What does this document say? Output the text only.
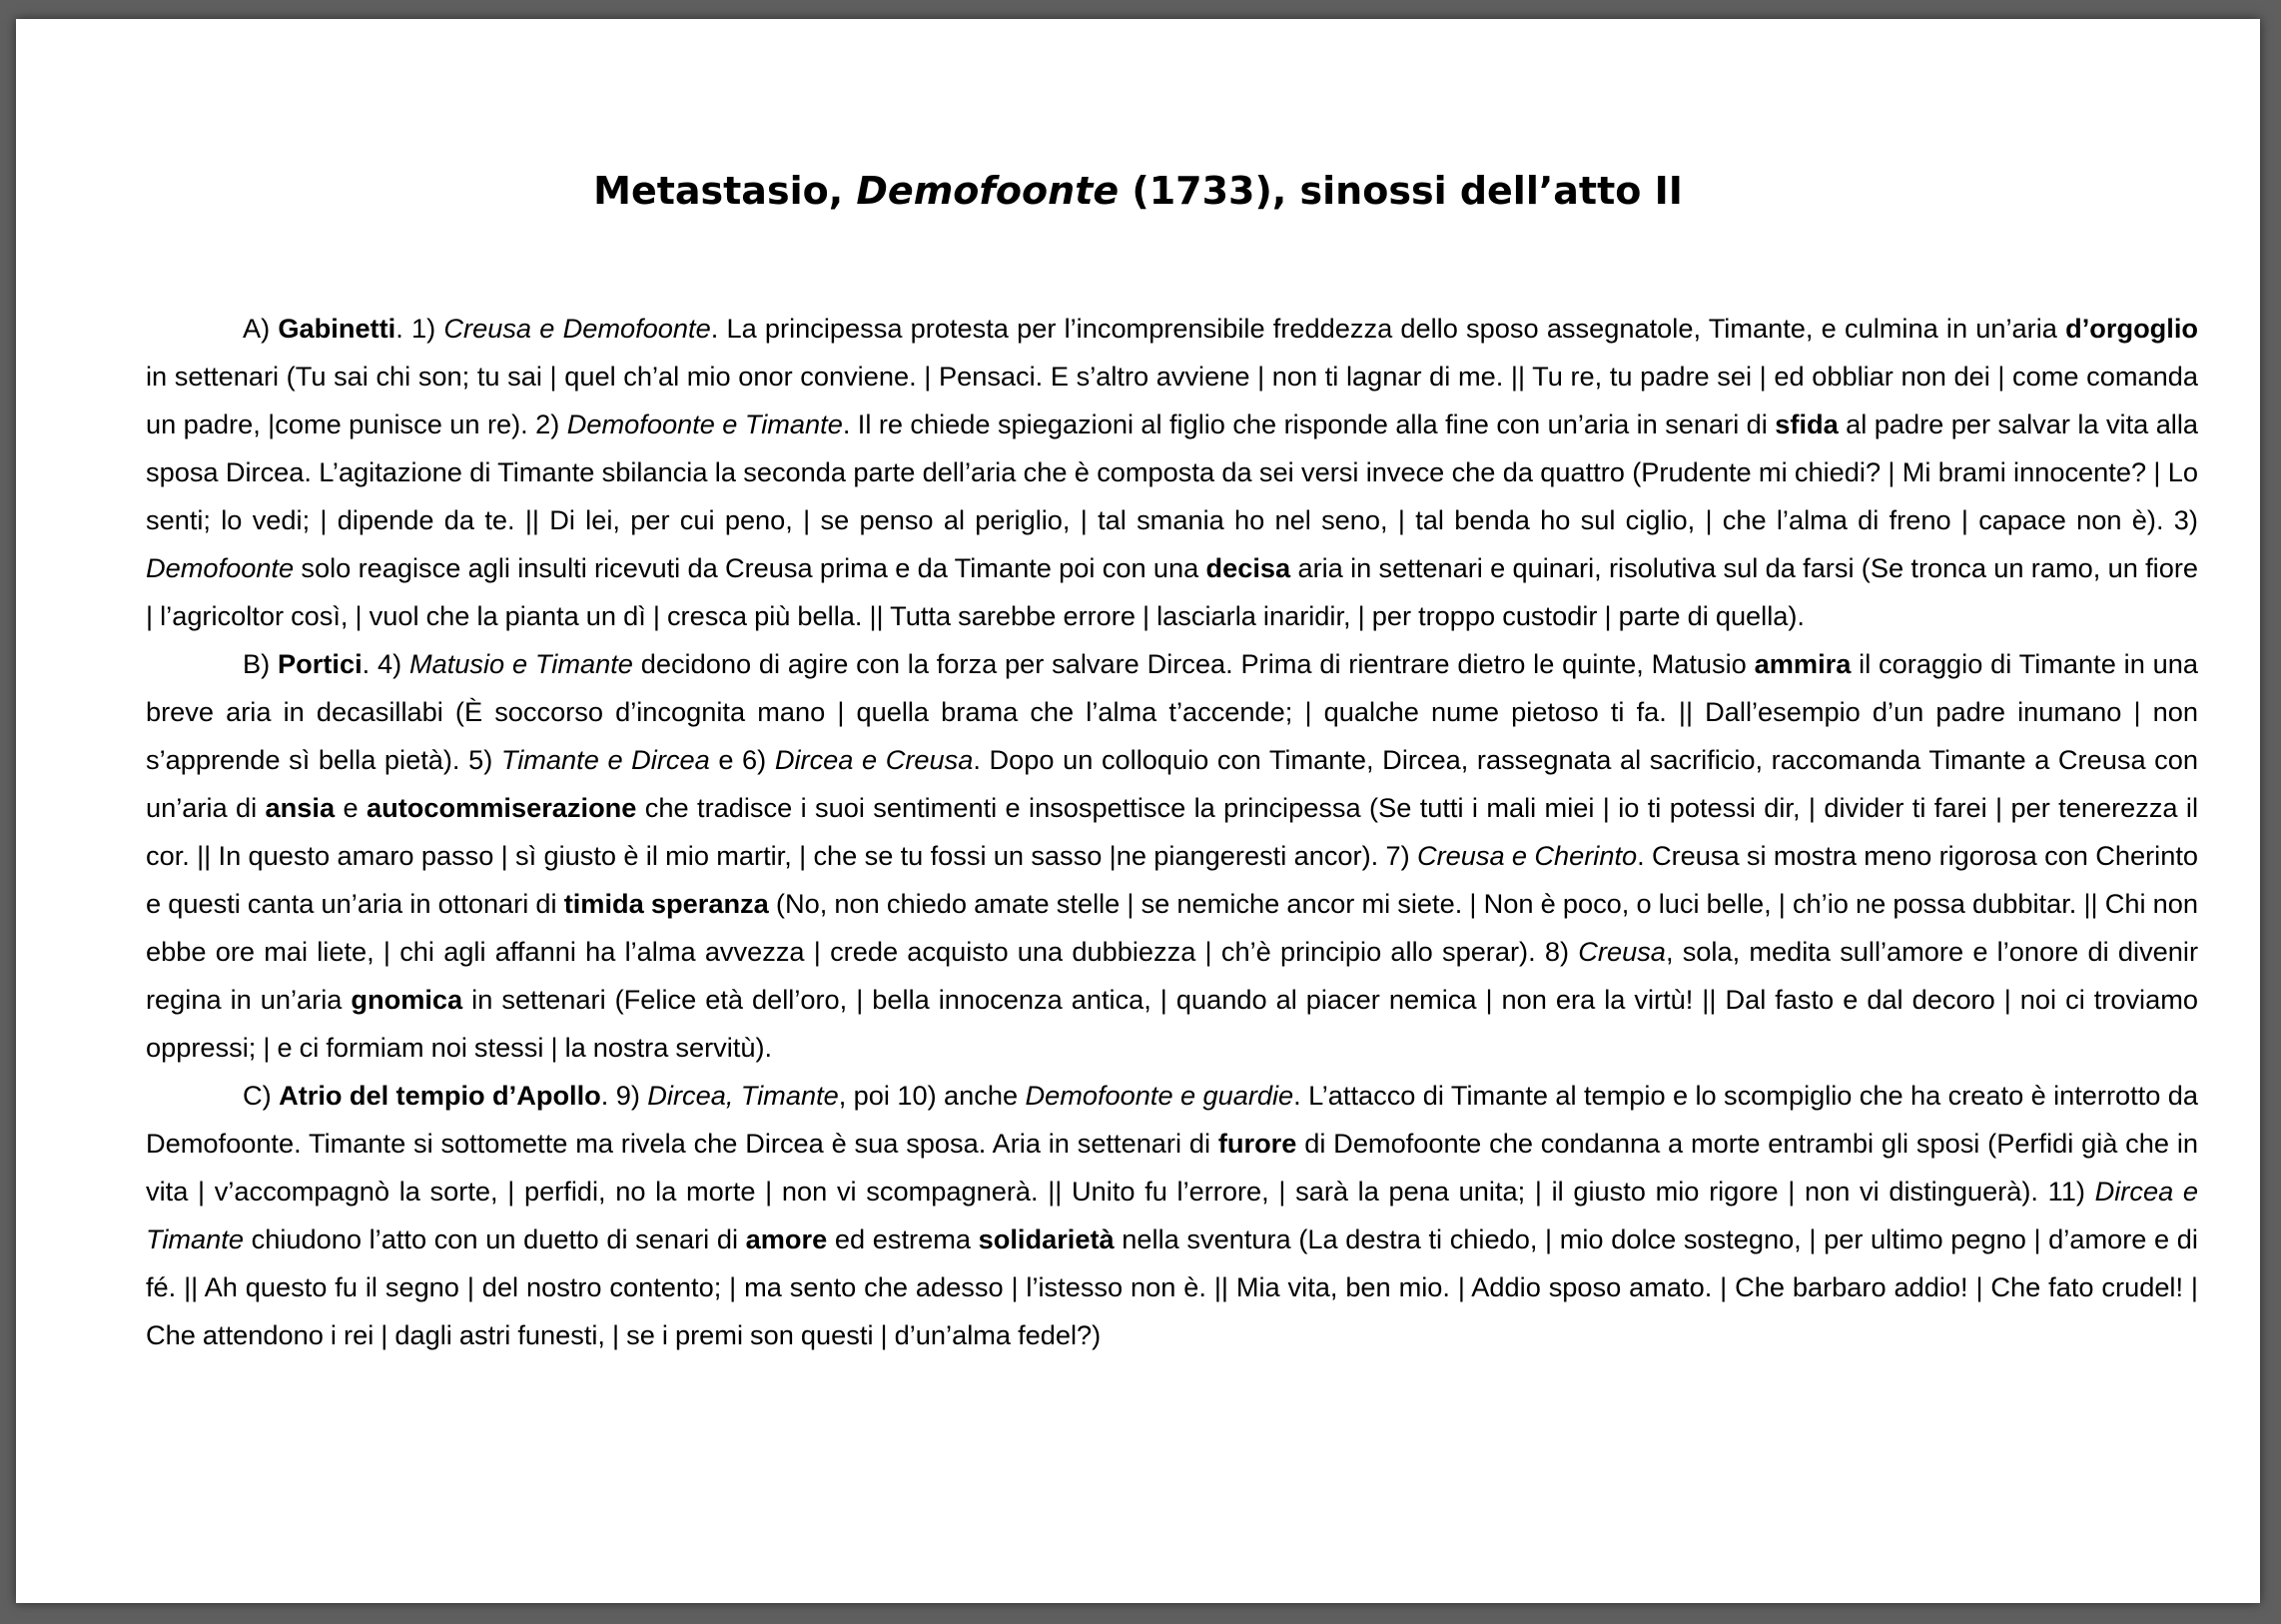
Metastasio, Demofoonte (1733), sinossi dell’atto II

A) Gabinetti. 1) Creusa e Demofoonte. La principessa protesta per l’incomprensibile freddezza dello sposo assegnatole, Timante, e culmina in un’aria d’orgoglio in settenari (Tu sai chi son; tu sai | quel ch’al mio onor conviene. | Pensaci. E s’altro avviene | non ti lagnar di me. || Tu re, tu padre sei | ed obbliar non dei | come comanda un padre, |come punisce un re). 2) Demofoonte e Timante. Il re chiede spiegazioni al figlio che risponde alla fine con un’aria in senari di sfida al padre per salvar la vita alla sposa Dircea. L’agitazione di Timante sbilancia la seconda parte dell’aria che è composta da sei versi invece che da quattro (Prudente mi chiedi? | Mi brami innocente? | Lo senti; lo vedi; | dipende da te. || Di lei, per cui peno, | se penso al periglio, | tal smania ho nel seno, | tal benda ho sul ciglio, | che l’alma di freno | capace non è). 3) Demofoonte solo reagisce agli insulti ricevuti da Creusa prima e da Timante poi con una decisa aria in settenari e quinari, risolutiva sul da farsi (Se tronca un ramo, un fiore | l’agricoltor così, | vuol che la pianta un dì | cresca più bella. || Tutta sarebbe errore | lasciarla inaridir, | per troppo custodir | parte di quella).

B) Portici. 4) Matusio e Timante decidono di agire con la forza per salvare Dircea. Prima di rientrare dietro le quinte, Matusio ammira il coraggio di Timante in una breve aria in decasillabi (È soccorso d’incognita mano | quella brama che l’alma t’accende; | qualche nume pietoso ti fa. || Dall’esempio d’un padre inumano | non s’apprende sì bella pietà). 5) Timante e Dircea e 6) Dircea e Creusa. Dopo un colloquio con Timante, Dircea, rassegnata al sacrificio, raccomanda Timante a Creusa con un’aria di ansia e autocommiserazione che tradisce i suoi sentimenti e insospettisce la principessa (Se tutti i mali miei | io ti potessi dir, | divider ti farei | per tenerezza il cor. || In questo amaro passo | sì giusto è il mio martir, | che se tu fossi un sasso |ne piangeresti ancor). 7) Creusa e Cherinto. Creusa si mostra meno rigorosa con Cherinto e questi canta un’aria in ottonari di timida speranza (No, non chiedo amate stelle | se nemiche ancor mi siete. | Non è poco, o luci belle, | ch’io ne possa dubbitar. || Chi non ebbe ore mai liete, | chi agli affanni ha l’alma avvezza | crede acquisto una dubbiezza | ch’è principio allo sperar). 8) Creusa, sola, medita sull’amore e l’onore di divenir regina in un’aria gnomica in settenari (Felice età dell’oro, | bella innocenza antica, | quando al piacer nemica | non era la virtù! || Dal fasto e dal decoro | noi ci troviamo oppressi; | e ci formiam noi stessi | la nostra servitù).

C) Atrio del tempio d’Apollo. 9) Dircea, Timante, poi 10) anche Demofoonte e guardie. L’attacco di Timante al tempio e lo scompiglio che ha creato è interrotto da Demofoonte. Timante si sottomette ma rivela che Dircea è sua sposa. Aria in settenari di furore di Demofoonte che condanna a morte entrambi gli sposi (Perfidi già che in vita | v’accompagnò la sorte, | perfidi, no la morte | non vi scompagnerà. || Unito fu l’errore, | sarà la pena unita; | il giusto mio rigore | non vi distinguerà). 11) Dircea e Timante chiudono l’atto con un duetto di senari di amore ed estrema solidarietà nella sventura (La destra ti chiedo, | mio dolce sostegno, | per ultimo pegno | d’amore e di fé. || Ah questo fu il segno | del nostro contento; | ma sento che adesso | l’istesso non è. || Mia vita, ben mio. | Addio sposo amato. | Che barbaro addio! | Che fato crudel! | Che attendono i rei | dagli astri funesti, | se i premi son questi | d’un’alma fedel?)
